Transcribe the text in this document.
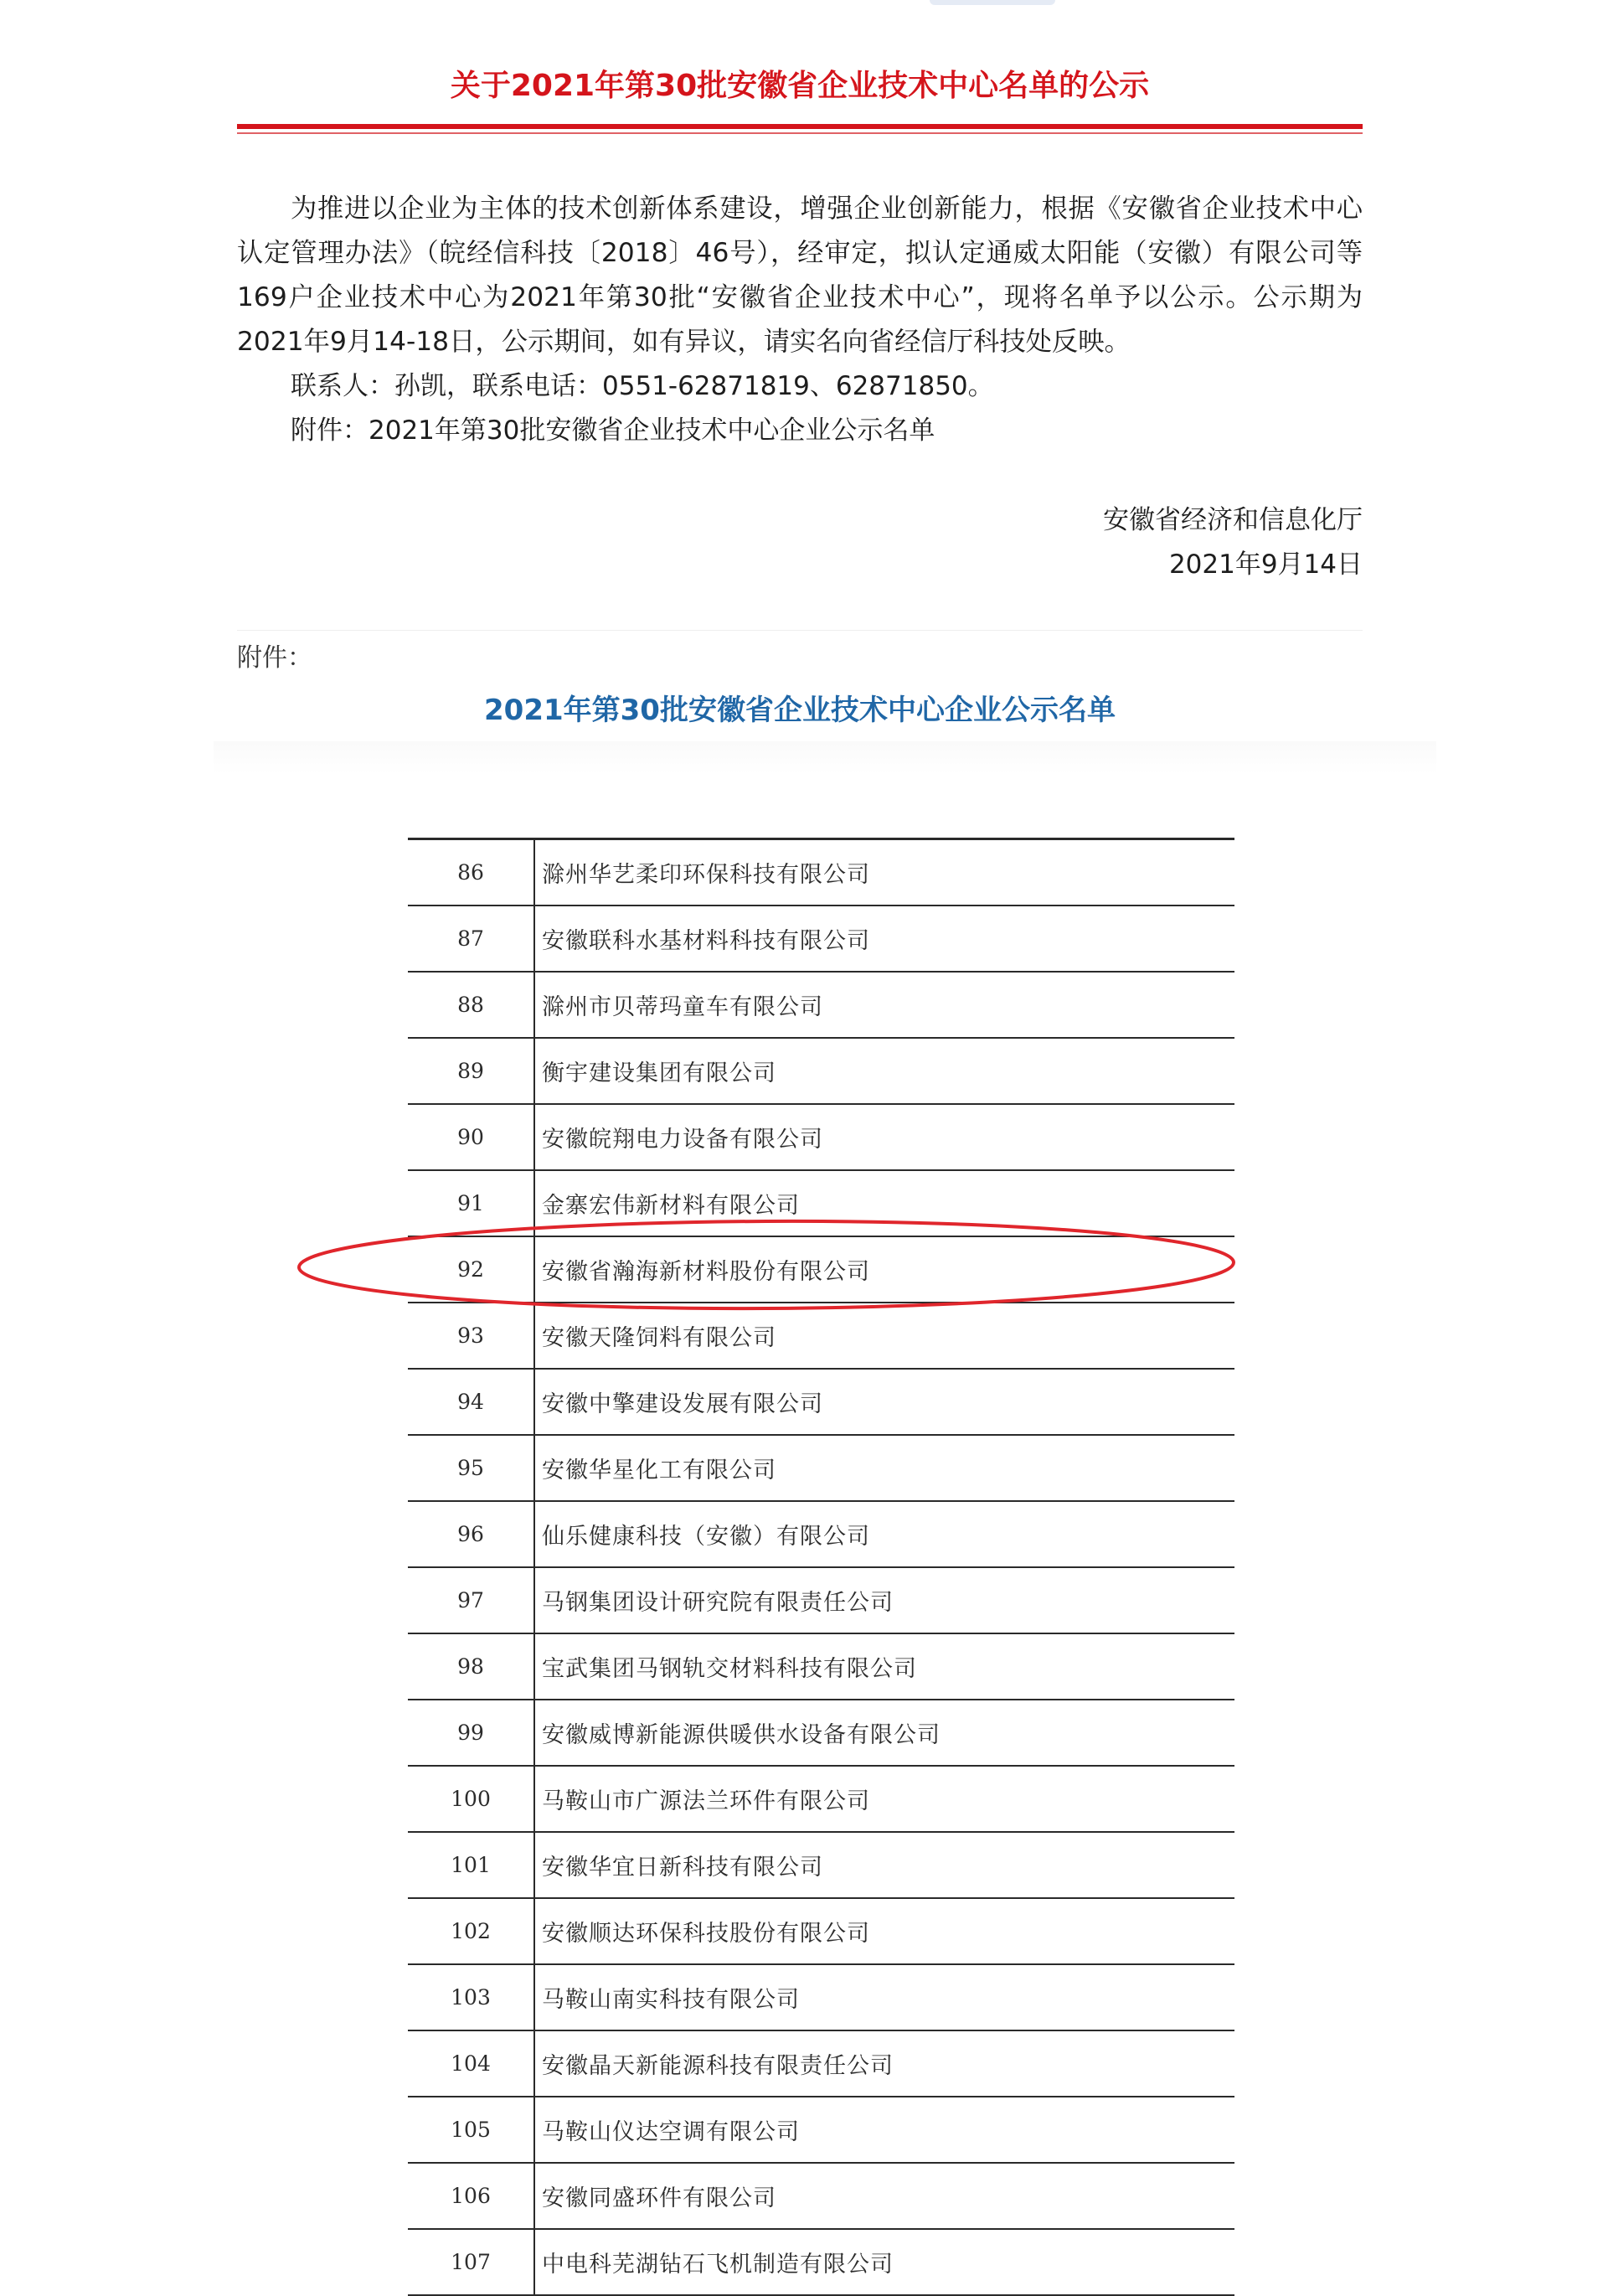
关于2021年第30批安徽省企业技术中心名单的公示

为推进以企业为主体的技术创新体系建设，增强企业创新能力，根据《安徽省企业技术中心认定管理办法》（皖经信科技〔2018〕46号），经审定，拟认定通威太阳能（安徽）有限公司等169户企业技术中心为2021年第30批“安徽省企业技术中心”，现将名单予以公示。公示期为2021年9月14-18日，公示期间，如有异议，请实名向省经信厅科技处反映。

联系人：孙凯，联系电话：0551-62871819、62871850。

附件：2021年第30批安徽省企业技术中心企业公示名单

安徽省经济和信息化厅

2021年9月14日

附件：

2021年第30批安徽省企业技术中心企业公示名单
86	滁州华艺柔印环保科技有限公司
87	安徽联科水基材料科技有限公司
88	滁州市贝蒂玛童车有限公司
89	衡宇建设集团有限公司
90	安徽皖翔电力设备有限公司
91	金寨宏伟新材料有限公司
92	安徽省瀚海新材料股份有限公司
93	安徽天隆饲料有限公司
94	安徽中擎建设发展有限公司
95	安徽华星化工有限公司
96	仙乐健康科技（安徽）有限公司
97	马钢集团设计研究院有限责任公司
98	宝武集团马钢轨交材料科技有限公司
99	安徽威博新能源供暖供水设备有限公司
100	马鞍山市广源法兰环件有限公司
101	安徽华宜日新科技有限公司
102	安徽顺达环保科技股份有限公司
103	马鞍山南实科技有限公司
104	安徽晶天新能源科技有限责任公司
105	马鞍山仪达空调有限公司
106	安徽同盛环件有限公司
107	中电科芜湖钻石飞机制造有限公司
